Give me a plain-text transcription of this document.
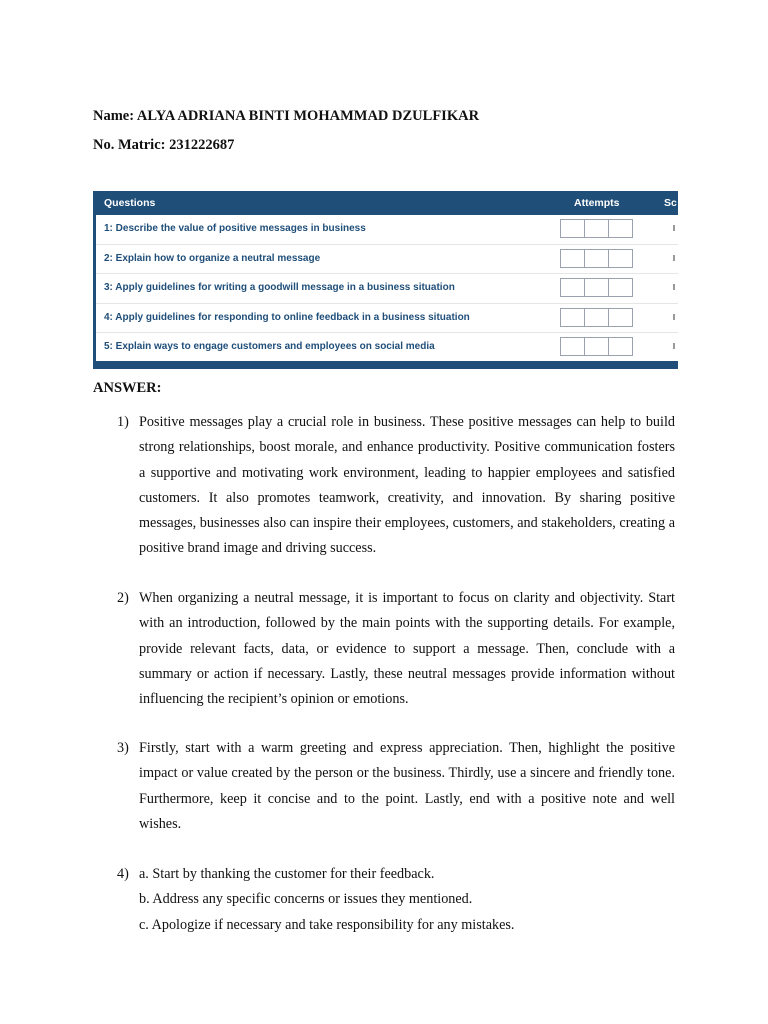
Name: ALYA ADRIANA BINTI MOHAMMAD DZULFIKAR
No. Matric: 231222687
Questions	Attempts	Sc
1: Describe the value of positive messages in business
2: Explain how to organize a neutral message
3: Apply guidelines for writing a goodwill message in a business situation
4: Apply guidelines for responding to online feedback in a business situation
5: Explain ways to engage customers and employees on social media
ANSWER:
1) Positive messages play a crucial role in business. These positive messages can help to build strong relationships, boost morale, and enhance productivity. Positive communication fosters a supportive and motivating work environment, leading to happier employees and satisfied customers. It also promotes teamwork, creativity, and innovation. By sharing positive messages, businesses also can inspire their employees, customers, and stakeholders, creating a positive brand image and driving success.
2) When organizing a neutral message, it is important to focus on clarity and objectivity. Start with an introduction, followed by the main points with the supporting details. For example, provide relevant facts, data, or evidence to support a message. Then, conclude with a summary or action if necessary. Lastly, these neutral messages provide information without influencing the recipient’s opinion or emotions.
3) Firstly, start with a warm greeting and express appreciation. Then, highlight the positive impact or value created by the person or the business. Thirdly, use a sincere and friendly tone. Furthermore, keep it concise and to the point. Lastly, end with a positive note and well wishes.
4) a. Start by thanking the customer for their feedback.
b. Address any specific concerns or issues they mentioned.
c. Apologize if necessary and take responsibility for any mistakes.
